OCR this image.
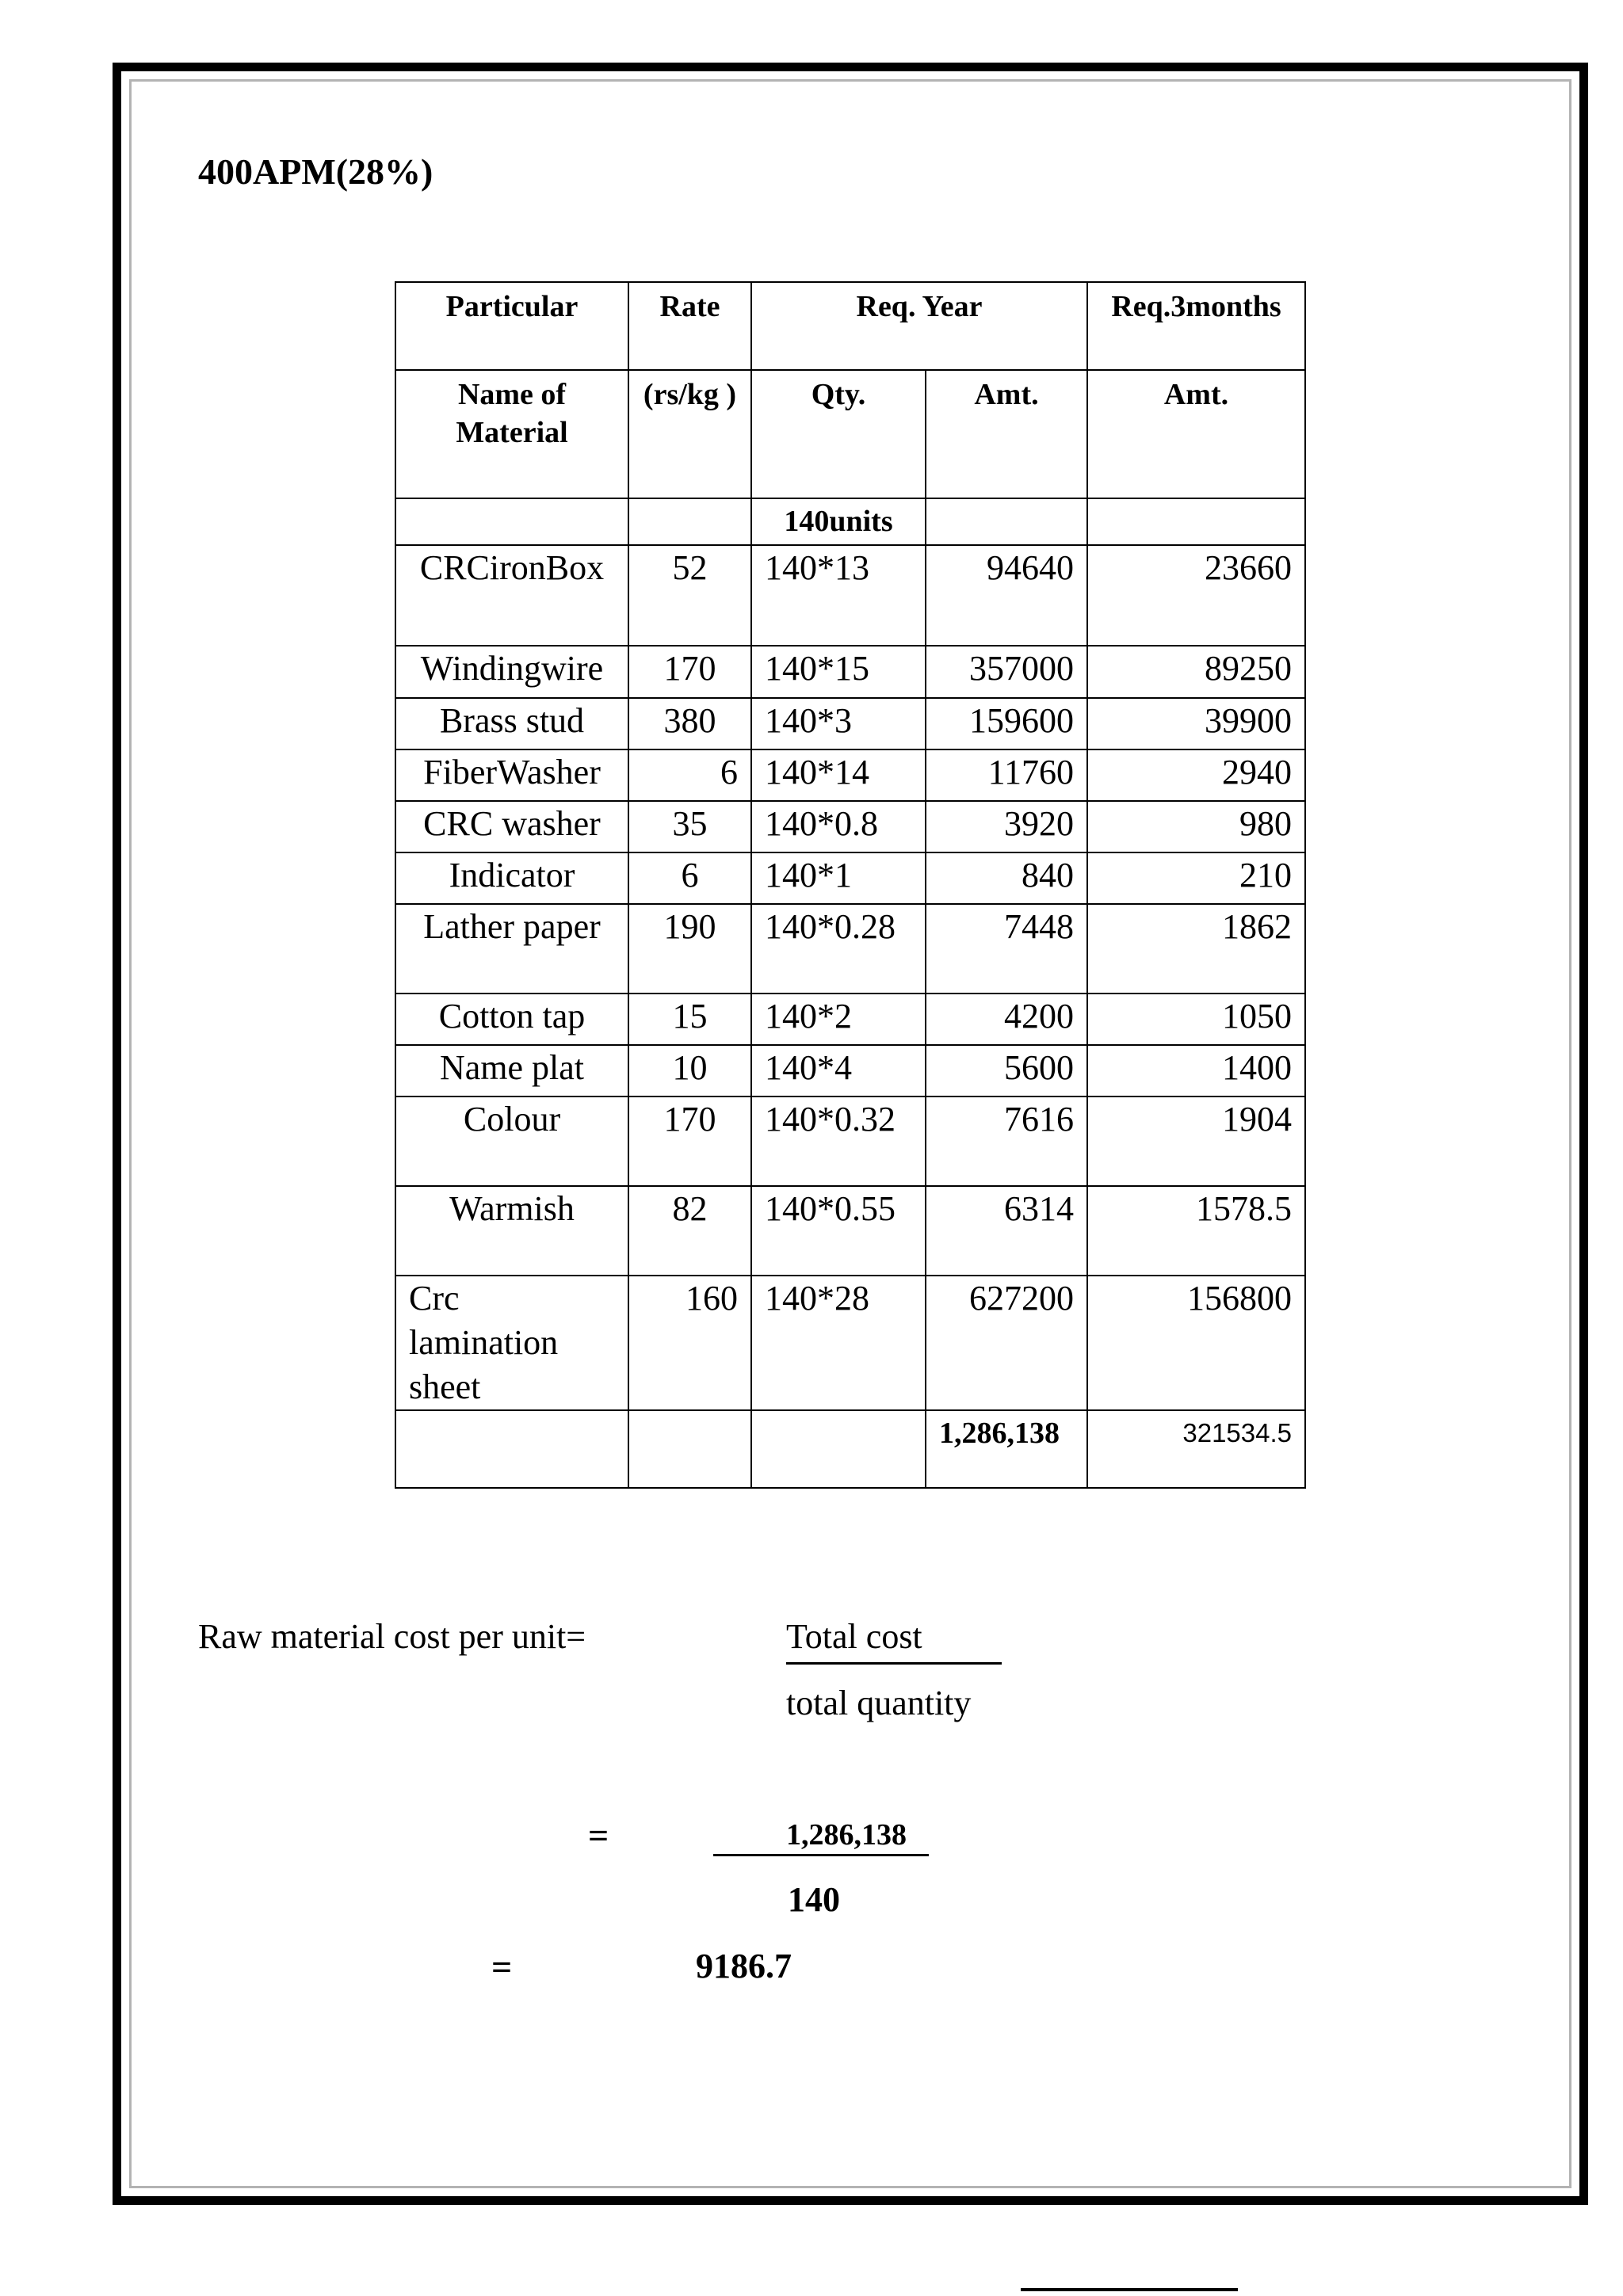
400APM(28%)
Particular	Rate	Req. Year		Req.3months
Name of Material	(rs/kg )	Qty.	Amt.	Amt.
		140units		
CRCironBox	52	140*13	94640	23660
Windingwire	170	140*15	357000	89250
Brass stud	380	140*3	159600	39900
FiberWasher	6	140*14	11760	2940
CRC washer	35	140*0.8	3920	980
Indicator	6	140*1	840	210
Lather paper	190	140*0.28	7448	1862
Cotton tap	15	140*2	4200	1050
Name plat	10	140*4	5600	1400
Colour	170	140*0.32	7616	1904
Warmish	82	140*0.55	6314	1578.5
Crc lamination sheet	160	140*28	627200	156800
			1,286,138	321534.5
Raw material cost per unit=	Total cost
total quantity
=	1,286,138
140
=	9186.7
